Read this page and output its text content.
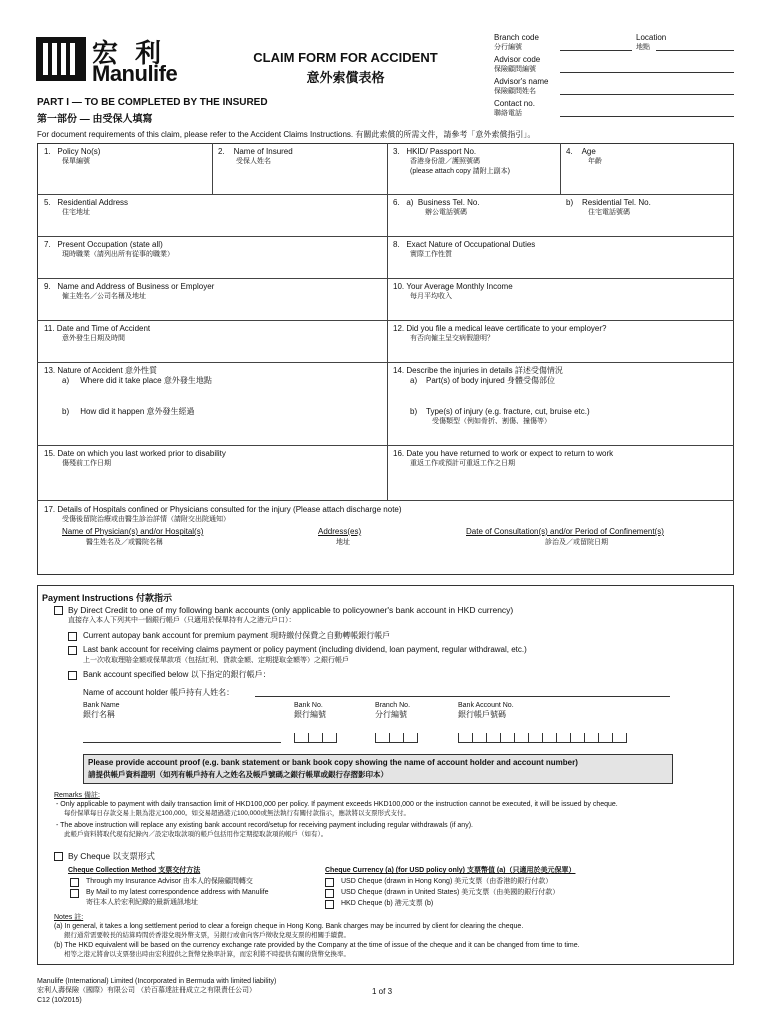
宏 利
Manulife
CLAIM FORM FOR ACCIDENT
意外索償表格
Branch code
分行編號
Location
地點
Advisor code
保險顧問編號
Advisor's name
保險顧問姓名
Contact no.
聯絡電話
PART I — TO BE COMPLETED BY THE INSURED
第一部份 — 由受保人填寫
For document requirements of this claim, please refer to the Accident Claims Instructions. 有關此索償的所需文件，請參考「意外索償指引」。
1. Policy No(s)
保單編號
2. Name of Insured
受保人姓名
3. HKID/ Passport No.
香港身份證／護照號碼
(please attach copy 請附上副本)
4. Age
年齡
5. Residential Address
住宅地址
6. a) Business Tel. No.
辦公電話號碼
b) Residential Tel. No.
住宅電話號碼
7. Present Occupation (state all)
現時職業（請列出所有從事的職業）
8. Exact Nature of Occupational Duties
實際工作性質
9. Name and Address of Business or Employer
僱主姓名／公司名稱及地址
10. Your Average Monthly Income
每月平均收入
11. Date and Time of Accident
意外發生日期及時間
12. Did you file a medical leave certificate to your employer?
有否向僱主呈交病假證明？
13. Nature of Accident 意外性質
a) Where did it take place 意外發生地點
b) How did it happen 意外發生經過
14. Describe the injuries in details 詳述受傷情況
a) Part(s) of body injured 身體受傷部位
b) Type(s) of injury (e.g. fracture, cut, bruise etc.)
受傷類型（例如骨折、割傷、撞傷等）
15. Date on which you last worked prior to disability
傷殘前工作日期
16. Date you have returned to work or expect to return to work
重返工作或預計可重返工作之日期
17. Details of Hospitals confined or Physicians consulted for the injury (Please attach discharge note)
受傷後留院治療或由醫生診治詳情（請附交出院通知）
Name of Physician(s) and/or Hospital(s)
醫生姓名及／或醫院名稱
Address(es)
地址
Date of Consultation(s) and/or Period of Confinement(s)
診治及／或留院日期
Payment Instructions 付款指示
By Direct Credit to one of my following bank accounts (only applicable to policyowner's bank account in HKD currency)
直接存入本人下列其中一個銀行帳戶（只適用於保單持有人之港元戶口）：
Current autopay bank account for premium payment 現時繳付保費之自動轉帳銀行帳戶
Last bank account for receiving claims payment or policy payment (including dividend, loan payment, regular withdrawal, etc.)
上一次收取理賠金額或保單款項（包括紅利、貸款金額、定期提取金額等）之銀行帳戶
Bank account specified below 以下指定的銀行帳戶：
Name of account holder 帳戶持有人姓名：
Bank Name
銀行名稱
Bank No.
銀行編號
Branch No.
分行編號
Bank Account No.
銀行帳戶號碼
Please provide account proof (e.g. bank statement or bank book copy showing the name of account holder and account number)
請提供帳戶資料證明（如列有帳戶持有人之姓名及帳戶號碼之銀行帳單或銀行存摺影印本）
Remarks 備註:
- Only applicable to payment with daily transaction limit of HKD100,000 per policy. If payment exceeds HKD100,000 or the instruction cannot be executed, it will be issued by cheque.
每份保單每日存款交易上限為港元100,000。如交易超過港元100,000或無法執行有關付款指示，應款將以支票形式支付。
- The above instruction will replace any existing bank account record/setup for receiving payment including regular withdrawals (if any).
此帳戶資料將取代現有紀錄內／設定收取款項的帳戶包括用作定期提取款項的帳戶（如有）。
By Cheque 以支票形式
Cheque Collection Method 支票交付方法
Through my Insurance Advisor 由本人的保險顧問轉交
By Mail to my latest correspondence address with Manulife
寄往本人於宏利紀錄的最新通訊地址
Cheque Currency (a) (for USD policy only) 支票幣值 (a)（只適用於美元保單）
USD Cheque (drawn in Hong Kong) 美元支票（由香港的銀行付款）
USD Cheque (drawn in United States) 美元支票（由美國的銀行付款）
HKD Cheque (b) 港元支票 (b)
Notes 註:
(a) In general, it takes a long settlement period to clear a foreign cheque in Hong Kong. Bank charges may be incurred by client for clearing the cheque.
銀行通常需要較長的結算時間於香港兌現外幣支票，另銀行或會向客戶徵收兌現支票的相關手續費。
(b) The HKD equivalent will be based on the currency exchange rate provided by the Company at the time of issue of the cheque and it can be changed from time to time.
相等之港元將會以支票發出時由宏利提供之貨幣兌換率計算，而宏利將不時提供有關的貨幣兌換率。
Manulife (International) Limited (Incorporated in Bermuda with limited liability)
宏利人壽保險（國際）有限公司 （於百慕達註冊成立之有限責任公司）
C12 (10/2015)
1 of 3
